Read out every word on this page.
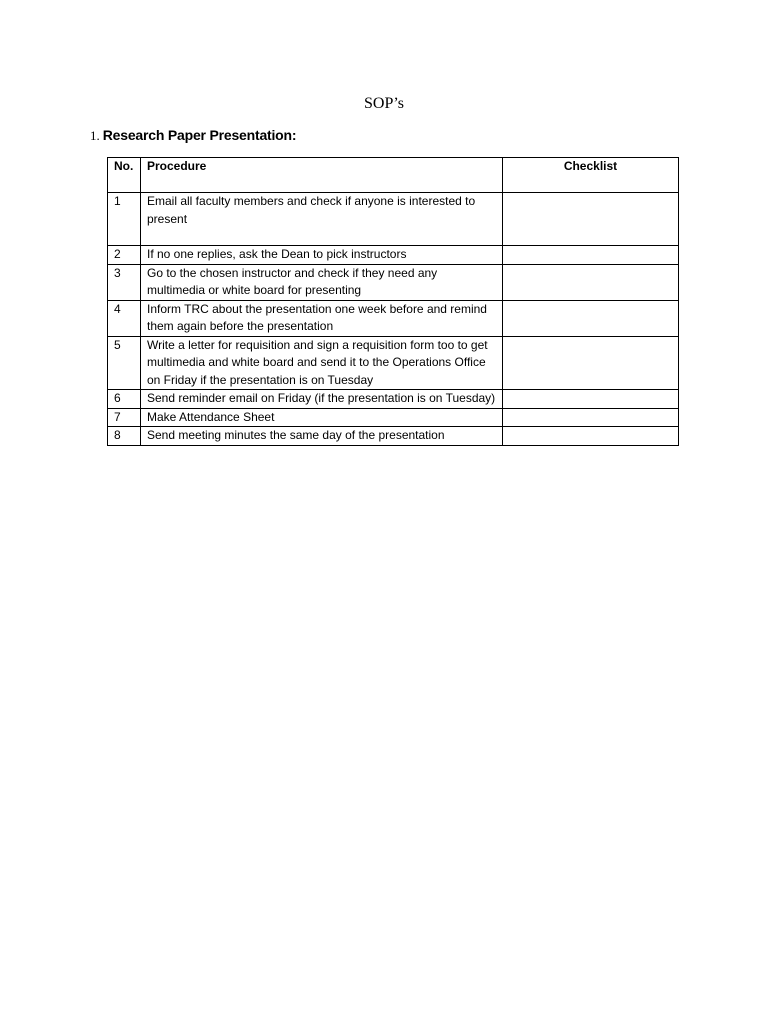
SOP’s
1. Research Paper Presentation:
No.	Procedure	Checklist
1	Email all faculty members and check if anyone is interested to present	
2	If no one replies, ask the Dean to pick instructors	
3	Go to the chosen instructor and check if they need any multimedia or white board for presenting	
4	Inform TRC about the presentation one week before and remind them again before the presentation	
5	Write a letter for requisition and sign a requisition form too to get multimedia and white board and send it to the Operations Office on Friday if the presentation is on Tuesday	
6	Send reminder email on Friday (if the presentation is on Tuesday)	
7	Make Attendance Sheet	
8	Send meeting minutes the same day of the presentation	
